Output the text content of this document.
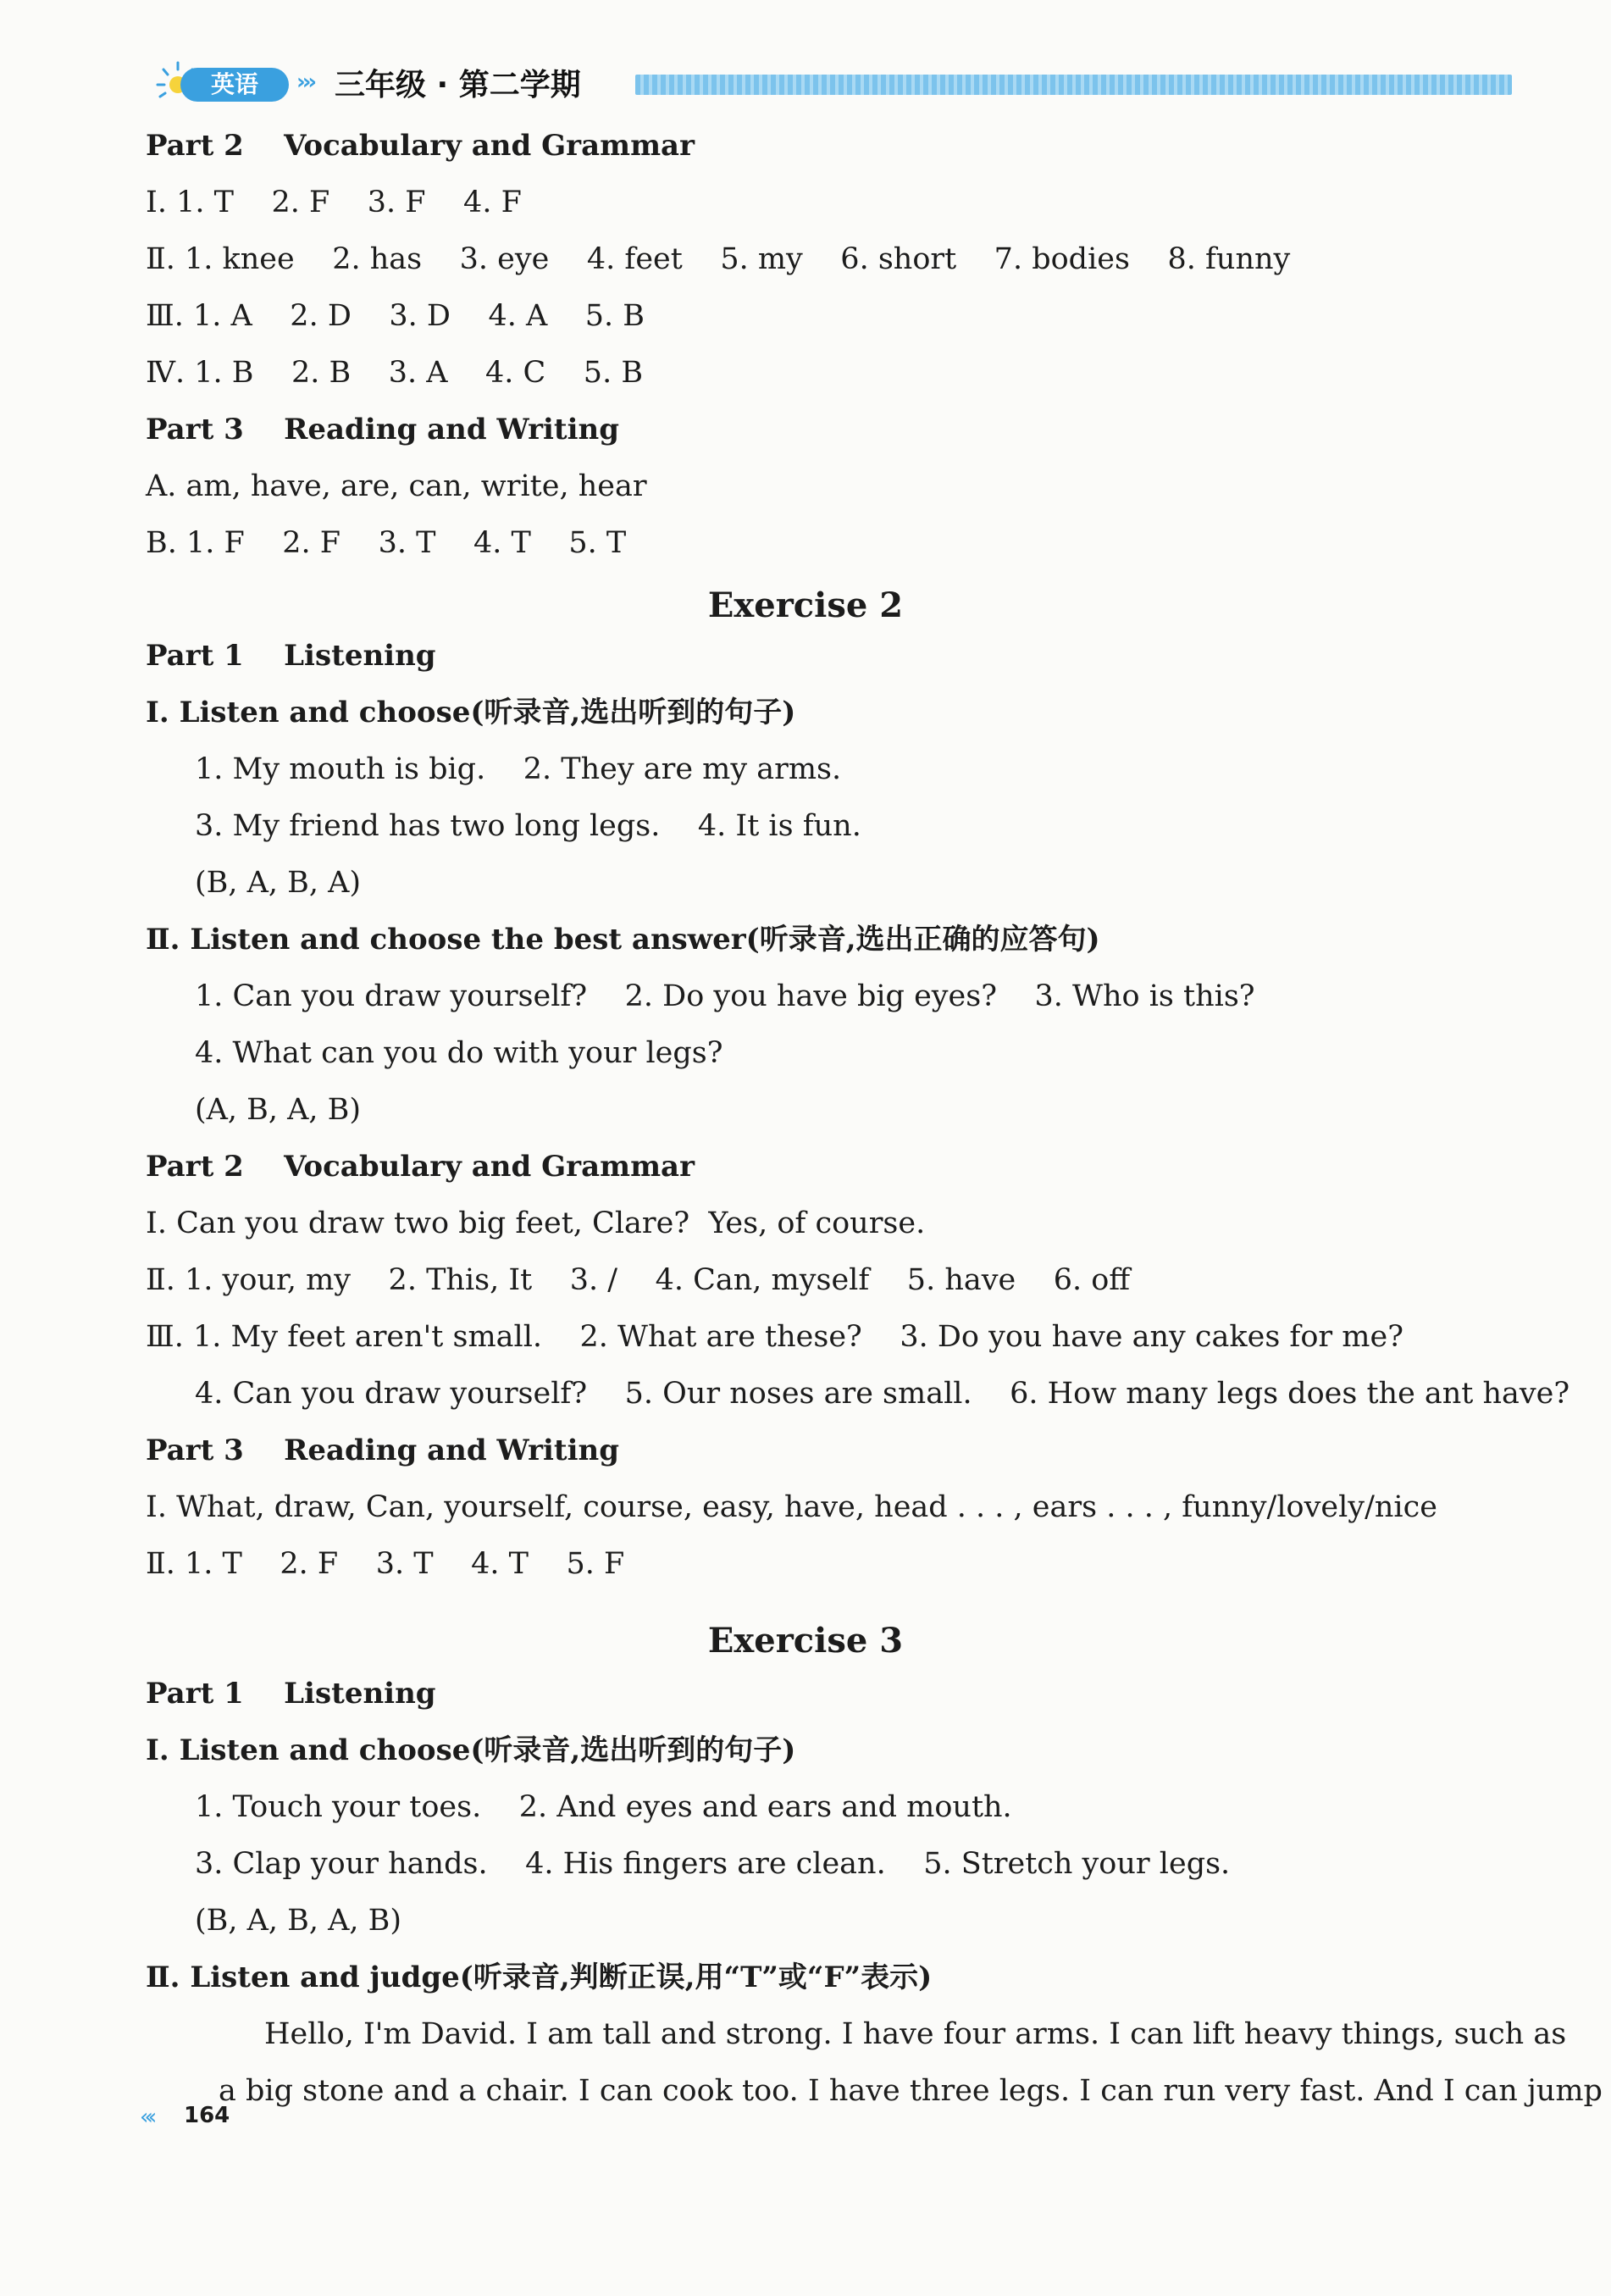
英语	››› 三年级 · 第二学期
Part 2    Vocabulary and Grammar
Ⅰ. 1. T    2. F    3. F    4. F
Ⅱ. 1. knee    2. has    3. eye    4. feet    5. my    6. short    7. bodies    8. funny
Ⅲ. 1. A    2. D    3. D    4. A    5. B
Ⅳ. 1. B    2. B    3. A    4. C    5. B
Part 3    Reading and Writing
A. am, have, are, can, write, hear
B. 1. F    2. F    3. T    4. T    5. T
Part 1    Listening
Ⅰ. Listen and choose(听录音,选出听到的句子)
1. My mouth is big.    2. They are my arms.
3. My friend has two long legs.    4. It is fun.
(B, A, B, A)
Ⅱ. Listen and choose the best answer(听录音,选出正确的应答句)
1. Can you draw yourself?    2. Do you have big eyes?    3. Who is this?
4. What can you do with your legs?
(A, B, A, B)
Part 2    Vocabulary and Grammar
Ⅰ. Can you draw two big feet, Clare?  Yes, of course.
Ⅱ. 1. your, my    2. This, It    3. /    4. Can, myself    5. have    6. off
Ⅲ. 1. My feet aren't small.    2. What are these?    3. Do you have any cakes for me?
4. Can you draw yourself?    5. Our noses are small.    6. How many legs does the ant have?
Part 3    Reading and Writing
Ⅰ. What, draw, Can, yourself, course, easy, have, head . . . , ears . . . , funny/lovely/nice
Ⅱ. 1. T    2. F    3. T    4. T    5. F
Part 1    Listening
Ⅰ. Listen and choose(听录音,选出听到的句子)
1. Touch your toes.    2. And eyes and ears and mouth.
3. Clap your hands.    4. His fingers are clean.    5. Stretch your legs.
(B, A, B, A, B)
Ⅱ. Listen and judge(听录音,判断正误,用“T”或“F”表示)
Hello, I'm David. I am tall and strong. I have four arms. I can lift heavy things, such as
a big stone and a chair. I can cook too. I have three legs. I can run very fast. And I can jump
Exercise 2
Exercise 3
«‹ 164
